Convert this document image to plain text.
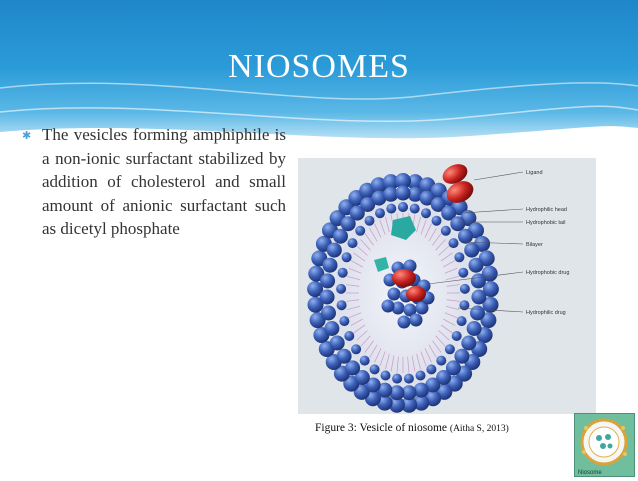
NIOSOMES
✱ The vesicles forming amphiphile is a non-ionic surfactant stabilized by addition of cholesterol and small amount of anionic surfactant such as dicetyl phosphate
Ligand
Hydrophilic head
Hydrophobic tail
Bilayer
Hydrophobic drug
Hydrophilic drug
Figure 3: Vesicle of niosome (Aitha S, 2013)
Niosome
